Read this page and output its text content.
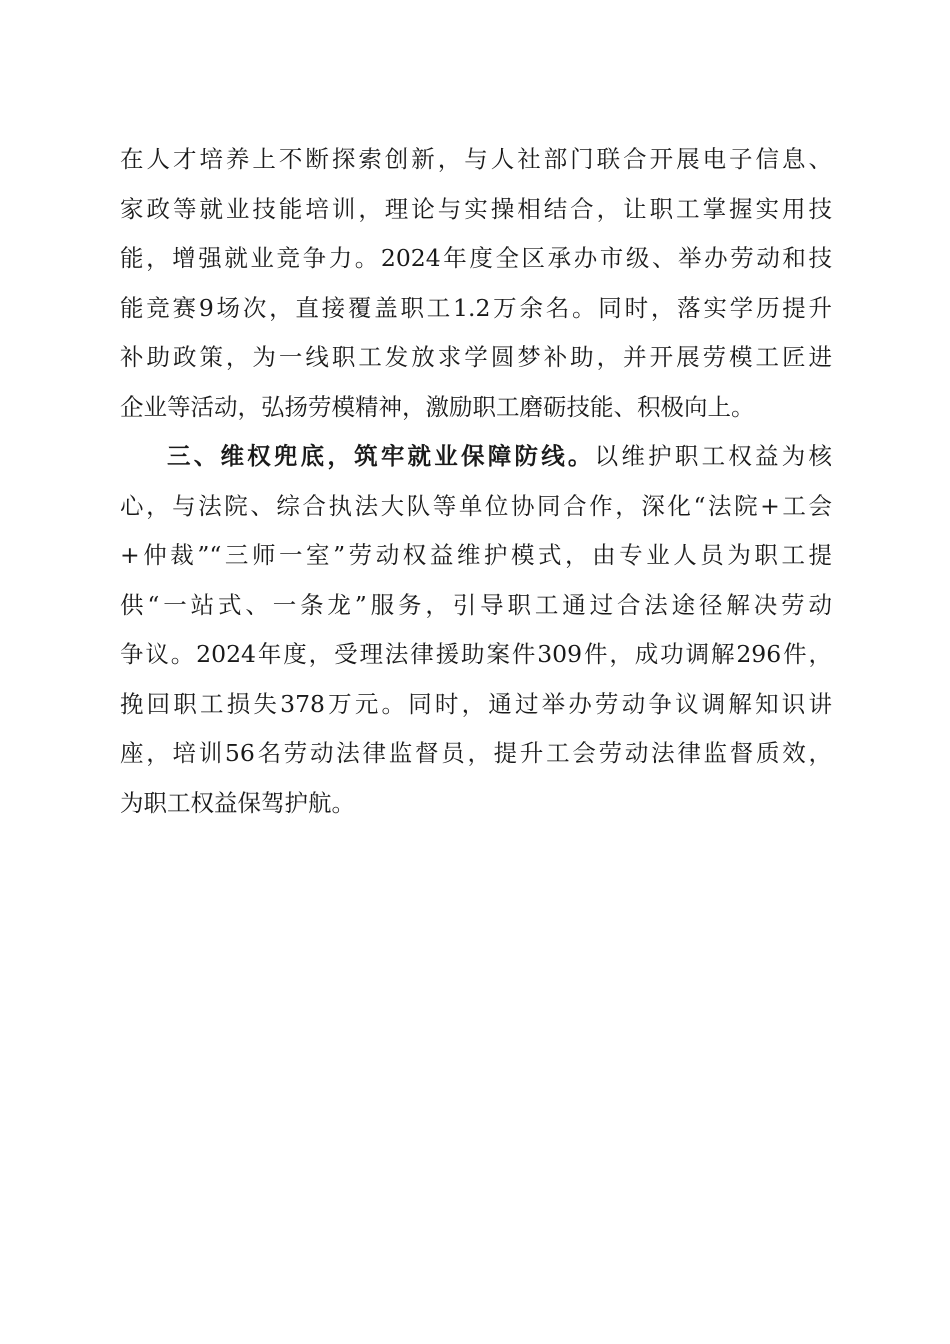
在人才培养上不断探索创新，与人社部门联合开展电子信息、
家政等就业技能培训，理论与实操相结合，让职工掌握实用技
能，增强就业竞争力。2024年度全区承办市级、举办劳动和技
能竞赛9场次，直接覆盖职工1.2万余名。同时，落实学历提升
补助政策，为一线职工发放求学圆梦补助，并开展劳模工匠进
企业等活动，弘扬劳模精神，激励职工磨砺技能、积极向上。
三、维权兜底，筑牢就业保障防线。以维护职工权益为核
心，与法院、综合执法大队等单位协同合作，深化“法院+工会
+仲裁”“三师一室”劳动权益维护模式，由专业人员为职工提
供“一站式、一条龙”服务，引导职工通过合法途径解决劳动
争议。2024年度，受理法律援助案件309件，成功调解296件，
挽回职工损失378万元。同时，通过举办劳动争议调解知识讲
座，培训56名劳动法律监督员，提升工会劳动法律监督质效，
为职工权益保驾护航。
